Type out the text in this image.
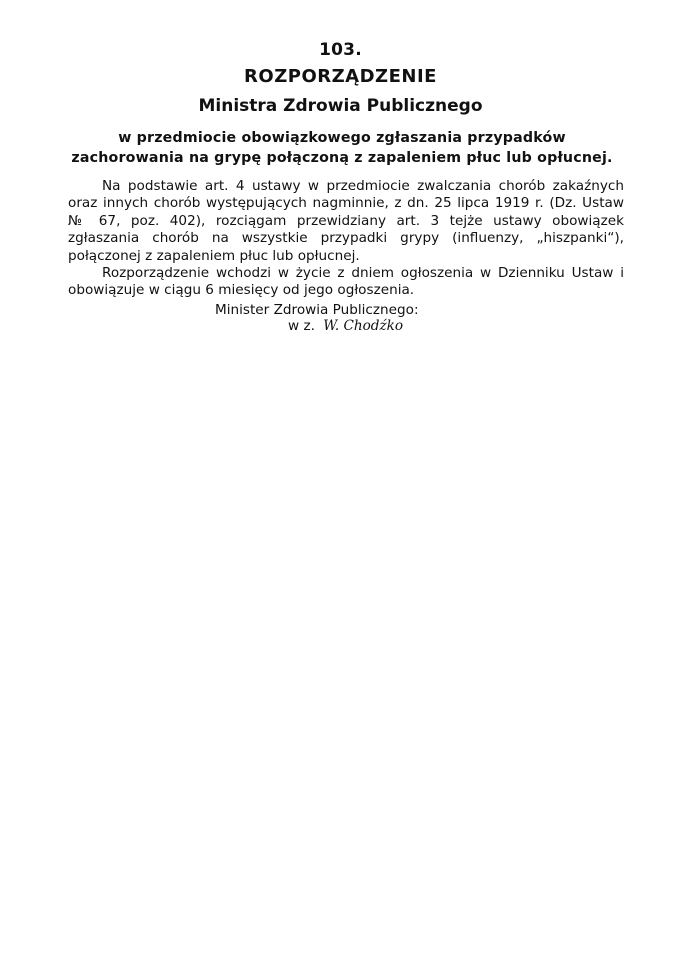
103.
ROZPORZĄDZENIE
Ministra Zdrowia Publicznego
w przedmiocie obowiązkowego zgłaszania przypadków zachorowania na grypę połączoną z zapaleniem płuc lub opłucnej.

Na podstawie art. 4 ustawy w przedmiocie zwalczania chorób zakaźnych oraz innych chorób występujących nagminnie, z dn. 25 lipca 1919 r. (Dz. Ustaw № 67, poz. 402), rozciągam przewidziany art. 3 tejże ustawy obowiązek zgłaszania chorób na wszystkie przypadki grypy (influenzy, „hiszpanki“), połączonej z zapaleniem płuc lub opłucnej.

Rozporządzenie wchodzi w życie z dniem ogłoszenia w Dzienniku Ustaw i obowiązuje w ciągu 6 miesięcy od jego ogłoszenia.

Minister Zdrowia Publicznego:
w z. W. Chodźko
